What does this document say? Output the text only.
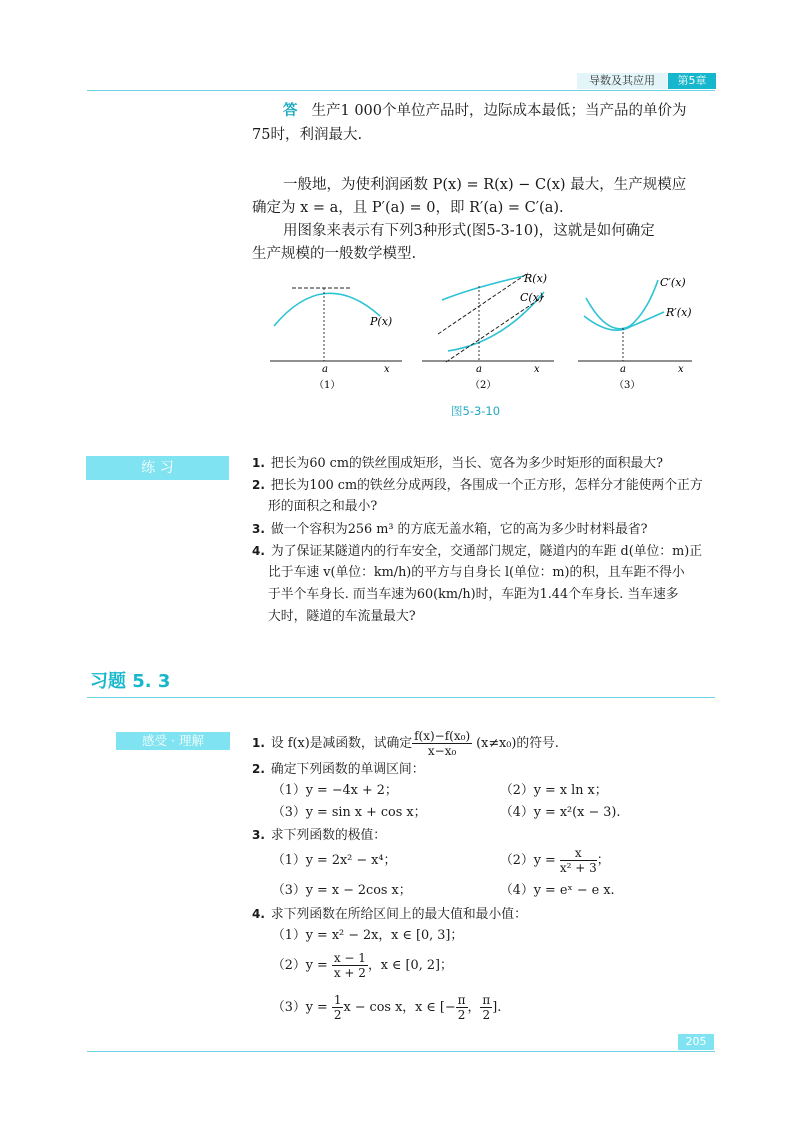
导数及其应用	第5章
答 生产1 000个单位产品时，边际成本最低；当产品的单价为
75时，利润最大.
一般地，为使利润函数 P(x) = R(x) − C(x) 最大，生产规模应
确定为 x = a，且 P′(a) = 0，即 R′(a) = C′(a).
用图象来表示有下列3种形式(图5-3-10)，这就是如何确定
生产规模的一般数学模型.
P(x)
a	x
（1）
R(x)
C(x)
a	x
（2）
C′(x)
R′(x)
a	x
（3）
图5-3-10
练 习	1. 把长为60 cm的铁丝围成矩形，当长、宽各为多少时矩形的面积最大?
2. 把长为100 cm的铁丝分成两段，各围成一个正方形，怎样分才能使两个正方
形的面积之和最小?
3. 做一个容积为256 m³ 的方底无盖水箱，它的高为多少时材料最省?
4. 为了保证某隧道内的行车安全，交通部门规定，隧道内的车距 d(单位：m)正
比于车速 v(单位：km/h)的平方与自身长 l(单位：m)的积，且车距不得小
于半个车身长. 而当车速为60(km/h)时，车距为1.44个车身长. 当车速多
大时，隧道的车流量最大?
习题 5. 3
感受 · 理解	1. 设 f(x)是减函数，试确定 $\frac{\text{f(x)−f(x₀)}}{\text{x−x₀}} (x\ne x_0)$的符号.
2. 确定下列函数的单调区间：
（1）y = −4x + 2；	（2）y = x ln x；
（3）y = sin x + cos x；	（4）y = x²(x − 3).
3. 求下列函数的极值：
（1）y = 2x² − x⁴；	$(2)y = \frac{x}{\text{x² + 3}}$ ；
（3）y = x − 2cos x；	（4）y = eˣ − e x.
4. 求下列函数在所给区间上的最大值和最小值：
（1）y = x² − 2x，x ∈ [0, 3]；
$(2)y = \frac{x - 1}{x + 2}$ ，x ∈ [0, 2]；
$(3)y = \frac{1}{2}$ x − cos x，x ∈ [− $\frac{\pi}{2}$ ， $\frac{\pi}{2}$ ].
205
